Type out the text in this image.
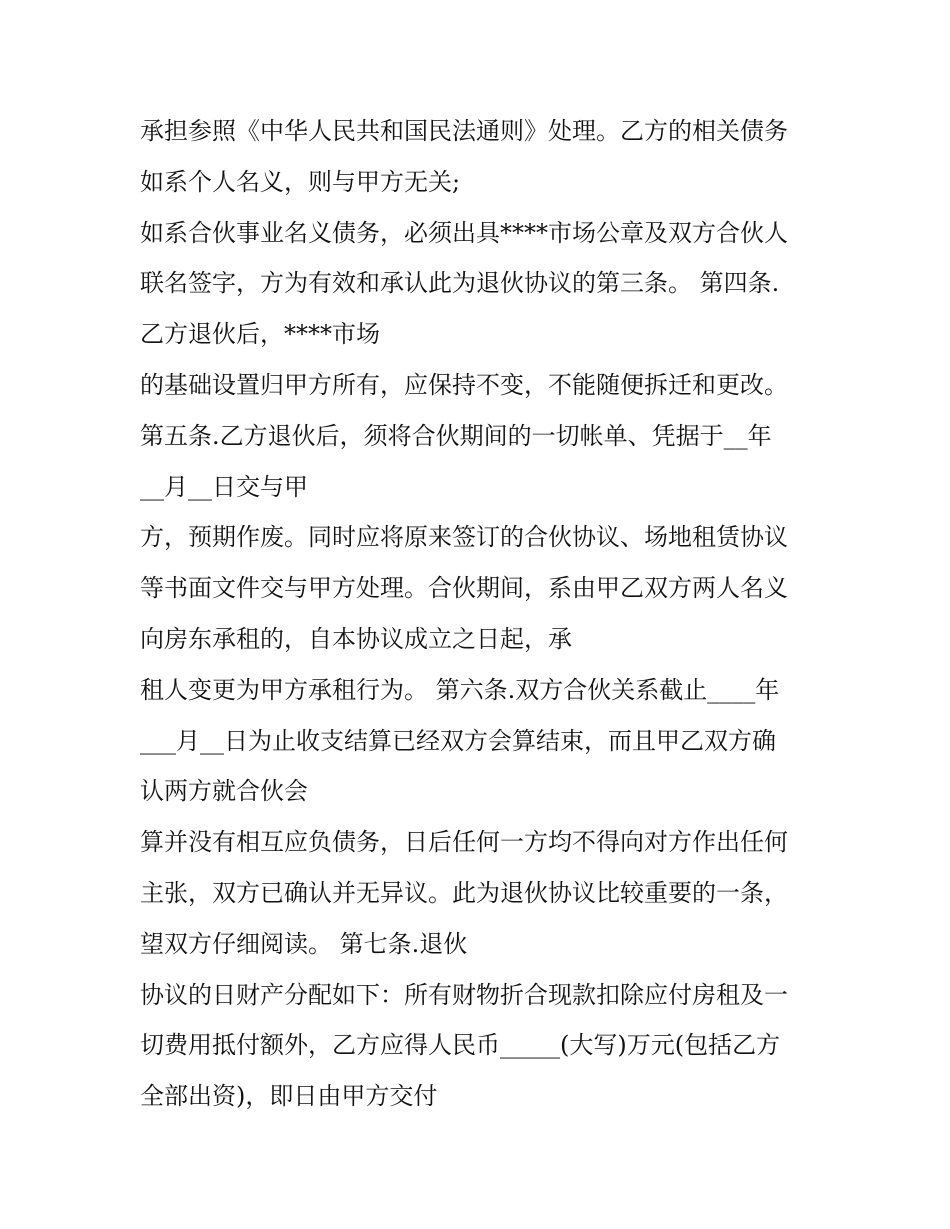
承担参照《中华人民共和国民法通则》处理。乙方的相关债务
如系个人名义，则与甲方无关;
如系合伙事业名义债务，必须出具****市场公章及双方合伙人
联名签字，方为有效和承认此为退伙协议的第三条。 第四条.
乙方退伙后，****市场
的基础设置归甲方所有，应保持不变，不能随便拆迁和更改。
第五条.乙方退伙后，须将合伙期间的一切帐单、凭据于__年
__月__日交与甲
方，预期作废。同时应将原来签订的合伙协议、场地租赁协议
等书面文件交与甲方处理。合伙期间，系由甲乙双方两人名义
向房东承租的，自本协议成立之日起，承
租人变更为甲方承租行为。 第六条.双方合伙关系截止____年
___月__日为止收支结算已经双方会算结束，而且甲乙双方确
认两方就合伙会
算并没有相互应负债务，日后任何一方均不得向对方作出任何
主张，双方已确认并无异议。此为退伙协议比较重要的一条，
望双方仔细阅读。 第七条.退伙
协议的日财产分配如下：所有财物折合现款扣除应付房租及一
切费用抵付额外，乙方应得人民币_____(大写)万元(包括乙方
全部出资)，即日由甲方交付
